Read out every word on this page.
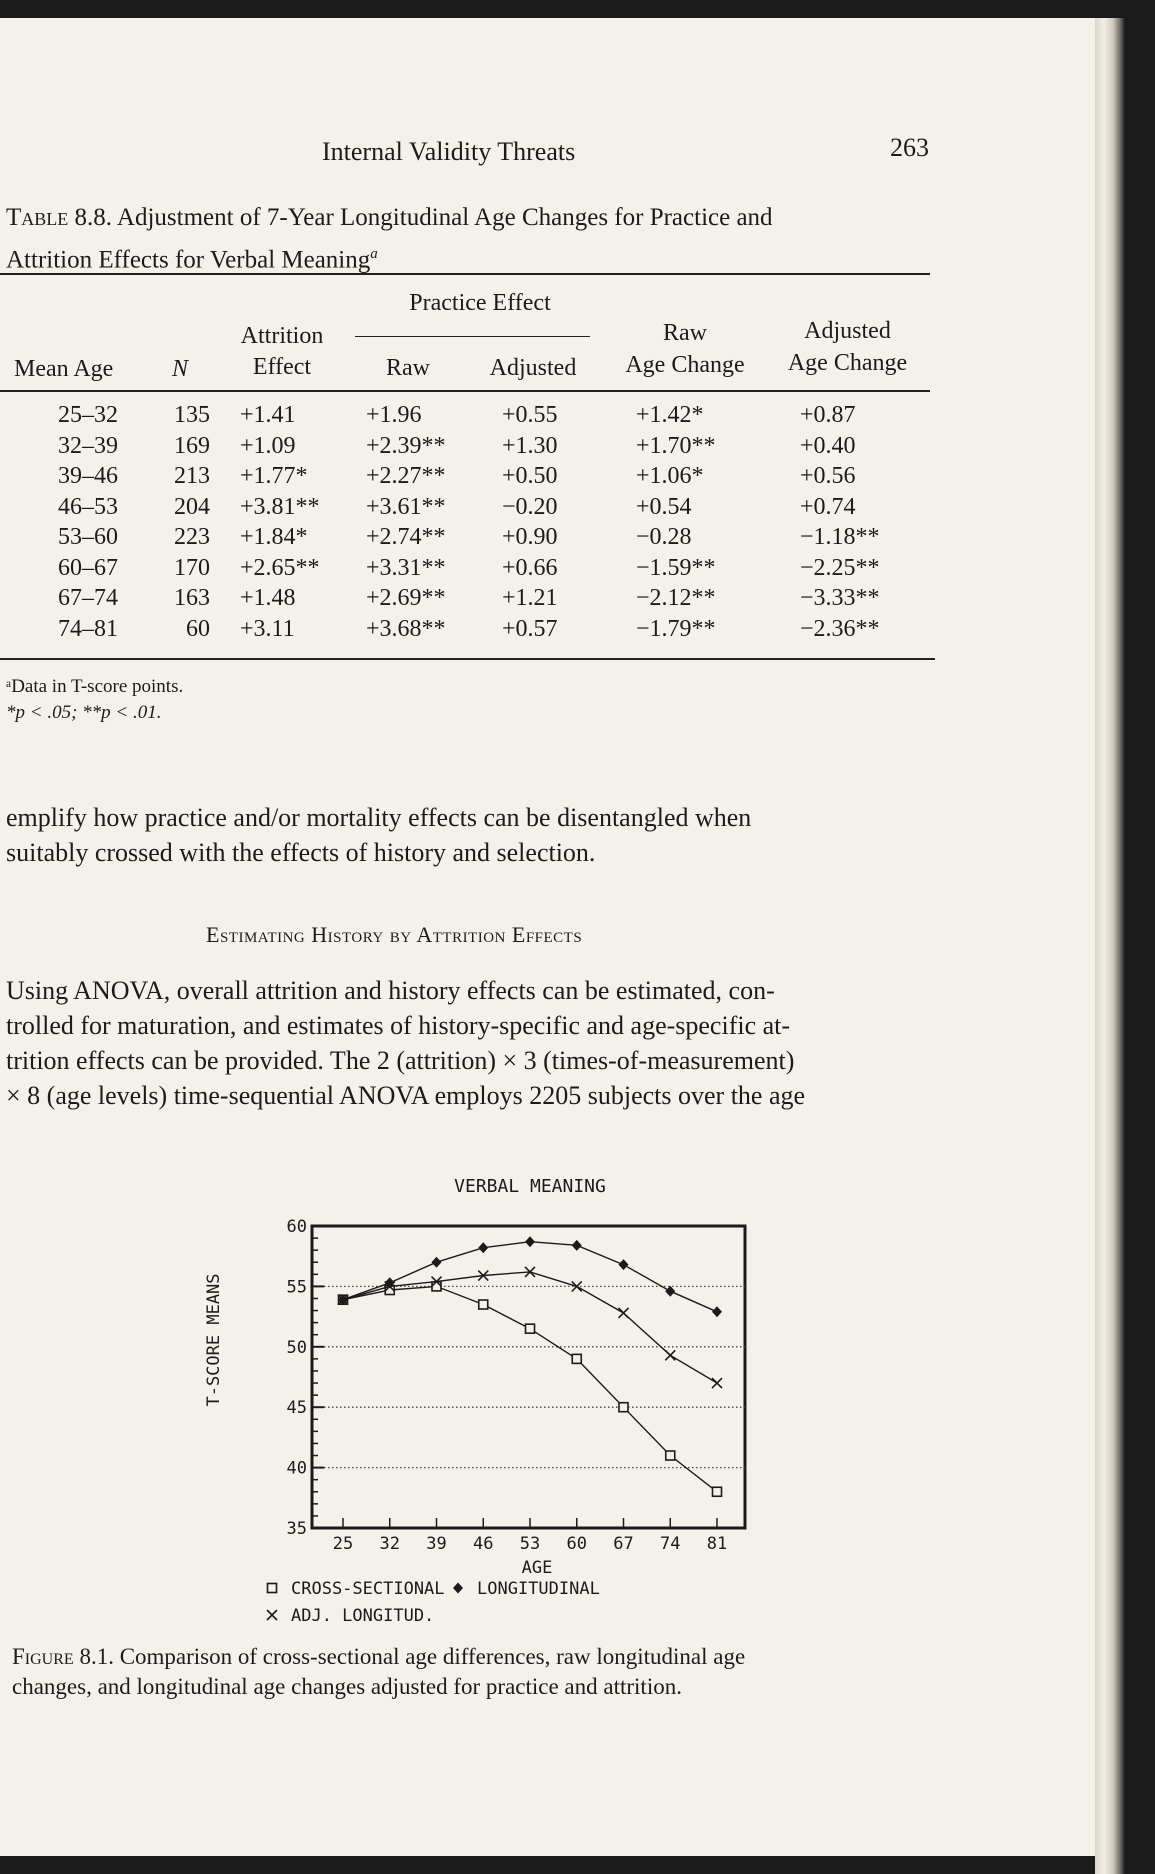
Internal Validity Threats	263
Table 8.8. Adjustment of 7-Year Longitudinal Age Changes for Practice and
Attrition Effects for Verbal Meaning$^a$
Practice Effect
Mean Age N
Attrition
Effect	Raw	Adjusted
Raw
Age Change
Adjusted
Age Change
25–32	135 +1.41	+1.96	+0.55	+1.42*	+0.87
32–39	169 +1.09	+2.39**	+1.30	+1.70**	+0.40
39–46	213 +1.77*	+2.27**	+0.50	+1.06*	+0.56
46–53	204 +3.81**	+3.61**	−0.20	+0.54	+0.74
53–60	223 +1.84*	+2.74**	+0.90	−0.28	−1.18**
60–67	170 +2.65**	+3.31**	+0.66	−1.59**	−2.25**
67–74	163 +1.48	+2.69**	+1.21	−2.12**	−3.33**
74–81	60 +3.11	+3.68**	+0.57	−1.79**	−2.36**
ᵃData in T-score points.
*p < .05; **p < .01.
emplify how practice and/or mortality effects can be disentangled when
suitably crossed with the effects of history and selection.
Estimating History by Attrition Effects
Using ANOVA, overall attrition and history effects can be estimated, con-
trolled for maturation, and estimates of history-specific and age-specific at-
trition effects can be provided. The 2 (attrition) × 3 (times-of-measurement)
× 8 (age levels) time-sequential ANOVA employs 2205 subjects over the age
VERBAL MEANING
T-SCORE MEANS
35
40
45
50
55
60
25 32 39 46 53 60 67 74 81
AGE
CROSS-SECTIONAL LONGITUDINAL
ADJ. LONGITUD.
Figure 8.1. Comparison of cross-sectional age differences, raw longitudinal age
changes, and longitudinal age changes adjusted for practice and attrition.
